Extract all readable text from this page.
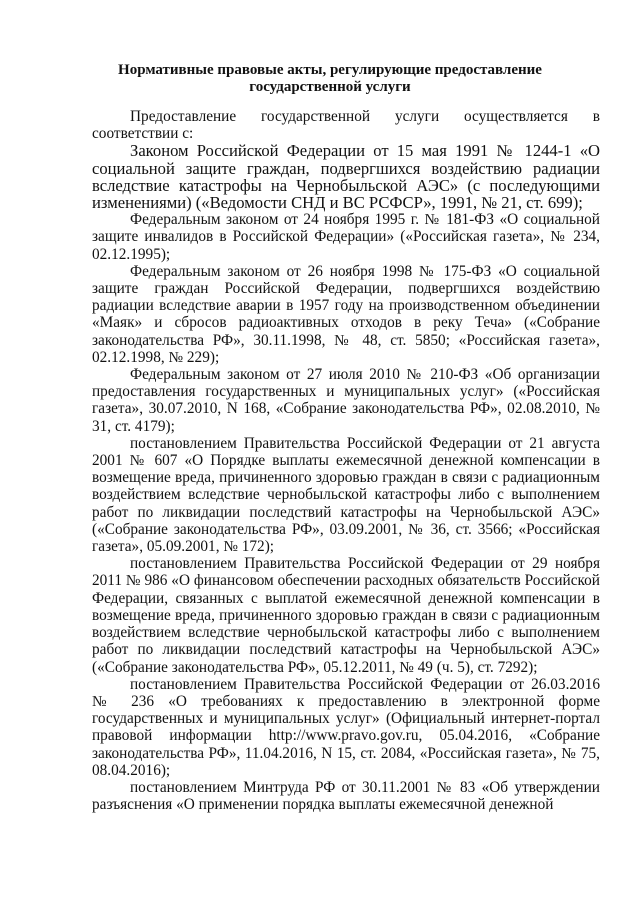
Нормативные правовые акты, регулирующие предоставление
государственной услуги

Предоставление государственной услуги осуществляется в соответствии с:

Законом Российской Федерации от 15 мая 1991 № 1244-1 «О социальной защите граждан, подвергшихся воздействию радиации вследствие катастрофы на Чернобыльской АЭС» (с последующими изменениями) («Ведомости СНД и ВС РСФСР», 1991, № 21, ст. 699);

Федеральным законом от 24 ноября 1995 г. № 181-ФЗ «О социальной защите инвалидов в Российской Федерации» («Российская газета», № 234, 02.12.1995);

Федеральным законом от 26 ноября 1998 № 175-ФЗ «О социальной защите граждан Российской Федерации, подвергшихся воздействию радиации вследствие аварии в 1957 году на производственном объединении «Маяк» и сбросов радиоактивных отходов в реку Теча» («Собрание законодательства РФ», 30.11.1998, № 48, ст. 5850; «Российская газета», 02.12.1998, № 229);

Федеральным законом от 27 июля 2010 № 210-ФЗ «Об организации предоставления государственных и муниципальных услуг» («Российская газета», 30.07.2010, N 168, «Собрание законодательства РФ», 02.08.2010, № 31, ст. 4179);

постановлением Правительства Российской Федерации от 21 августа 2001 № 607 «О Порядке выплаты ежемесячной денежной компенсации в возмещение вреда, причиненного здоровью граждан в связи с радиационным воздействием вследствие чернобыльской катастрофы либо с выполнением работ по ликвидации последствий катастрофы на Чернобыльской АЭС» («Собрание законодательства РФ», 03.09.2001, № 36, ст. 3566; «Российская газета», 05.09.2001, № 172);

постановлением Правительства Российской Федерации от 29 ноября 2011 № 986 «О финансовом обеспечении расходных обязательств Российской Федерации, связанных с выплатой ежемесячной денежной компенсации в возмещение вреда, причиненного здоровью граждан в связи с радиационным воздействием вследствие чернобыльской катастрофы либо с выполнением работ по ликвидации последствий катастрофы на Чернобыльской АЭС» («Собрание законодательства РФ», 05.12.2011, № 49 (ч. 5), ст. 7292);

постановлением Правительства Российской Федерации от 26.03.2016 № 236 «О требованиях к предоставлению в электронной форме государственных и муниципальных услуг» (Официальный интернет-портал правовой информации http://www.pravo.gov.ru, 05.04.2016, «Собрание законодательства РФ», 11.04.2016, N 15, ст. 2084, «Российская газета», № 75, 08.04.2016);

постановлением Минтруда РФ от 30.11.2001 № 83 «Об утверждении разъяснения «О применении порядка выплаты ежемесячной денежной
